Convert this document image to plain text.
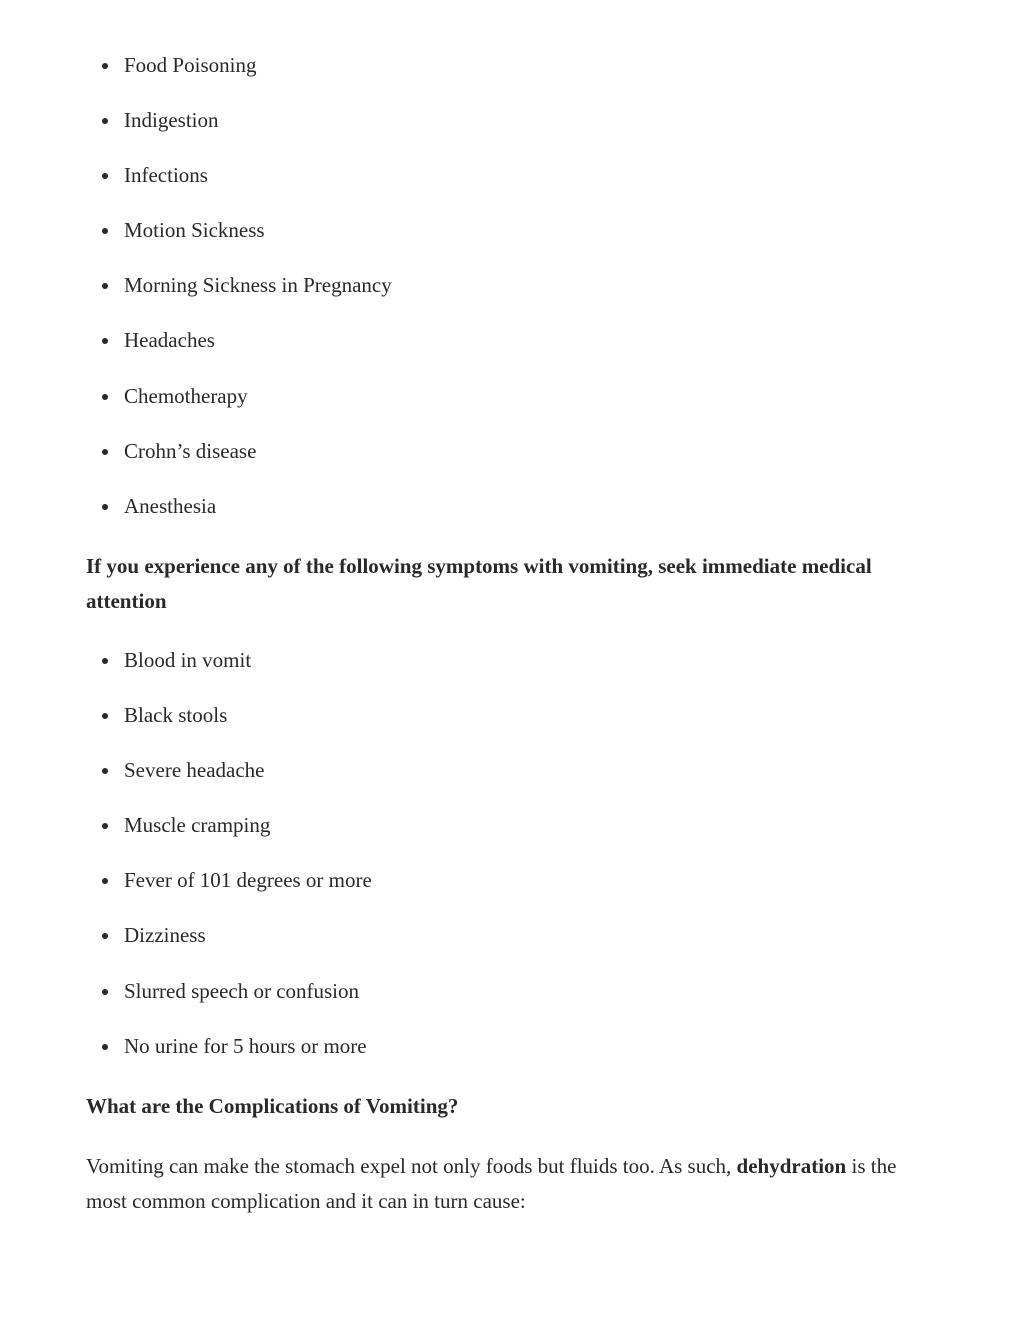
Food Poisoning
Indigestion
Infections
Motion Sickness
Morning Sickness in Pregnancy
Headaches
Chemotherapy
Crohn’s disease
Anesthesia

If you experience any of the following symptoms with vomiting, seek immediate medical attention

Blood in vomit
Black stools
Severe headache
Muscle cramping
Fever of 101 degrees or more
Dizziness
Slurred speech or confusion
No urine for 5 hours or more

What are the Complications of Vomiting?

Vomiting can make the stomach expel not only foods but fluids too. As such, dehydration is the most common complication and it can in turn cause:
